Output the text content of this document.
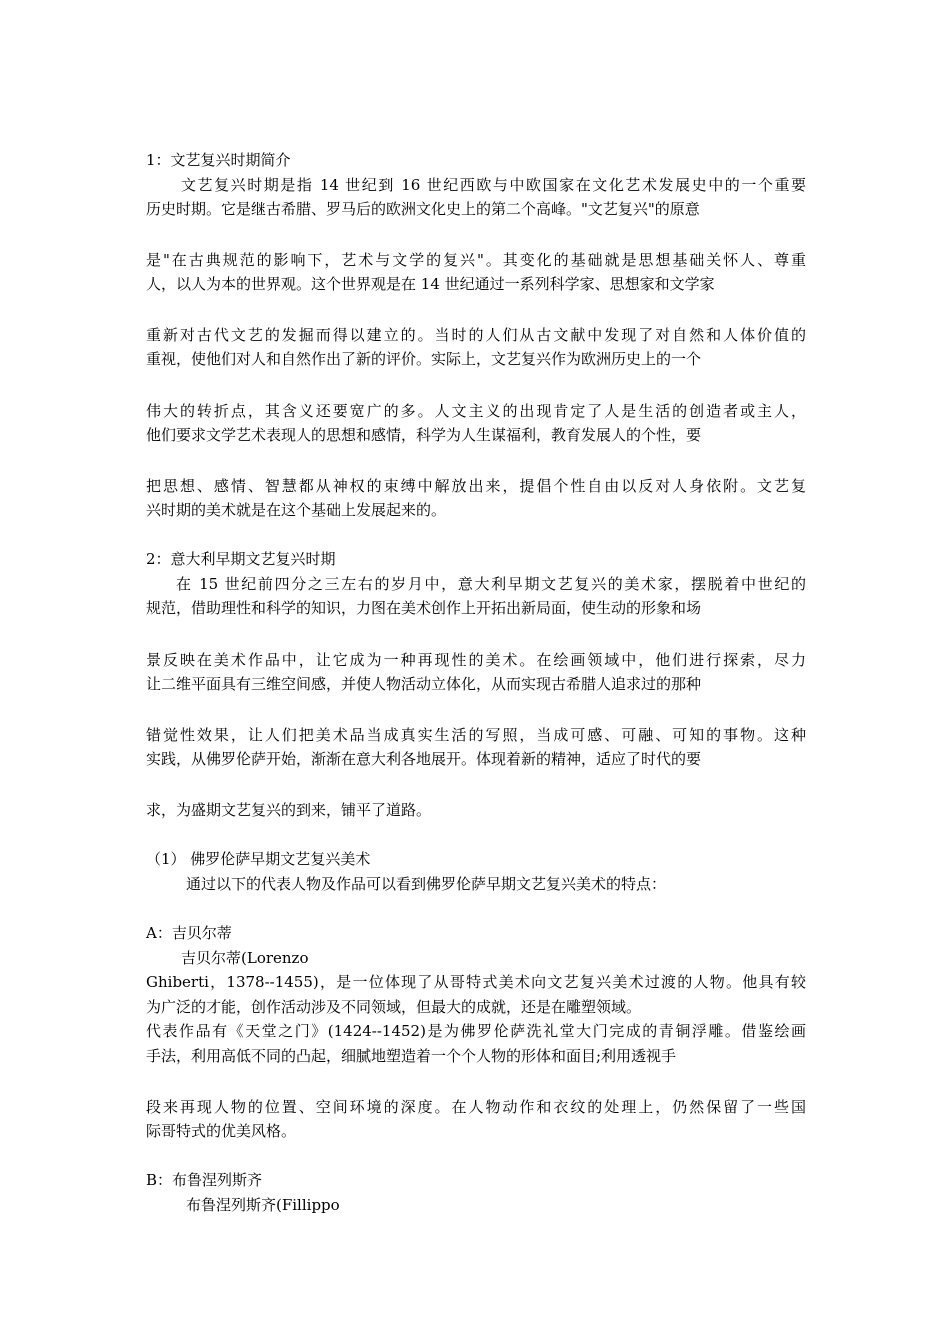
1：文艺复兴时期简介
文艺复兴时期是指 14 世纪到 16 世纪西欧与中欧国家在文化艺术发展史中的一个重要
历史时期。它是继古希腊、罗马后的欧洲文化史上的第二个高峰。"文艺复兴"的原意
是"在古典规范的影响下，艺术与文学的复兴"。其变化的基础就是思想基础关怀人、尊重
人，以人为本的世界观。这个世界观是在 14 世纪通过一系列科学家、思想家和文学家
重新对古代文艺的发掘而得以建立的。当时的人们从古文献中发现了对自然和人体价值的
重视，使他们对人和自然作出了新的评价。实际上，文艺复兴作为欧洲历史上的一个
伟大的转折点，其含义还要宽广的多。人文主义的出现肯定了人是生活的创造者或主人，
他们要求文学艺术表现人的思想和感情，科学为人生谋福利，教育发展人的个性，要
把思想、感情、智慧都从神权的束缚中解放出来，提倡个性自由以反对人身依附。文艺复
兴时期的美术就是在这个基础上发展起来的。
2：意大利早期文艺复兴时期
在 15 世纪前四分之三左右的岁月中，意大利早期文艺复兴的美术家，摆脱着中世纪的
规范，借助理性和科学的知识，力图在美术创作上开拓出新局面，使生动的形象和场
景反映在美术作品中，让它成为一种再现性的美术。在绘画领域中，他们进行探索，尽力
让二维平面具有三维空间感，并使人物活动立体化，从而实现古希腊人追求过的那种
错觉性效果，让人们把美术品当成真实生活的写照，当成可感、可融、可知的事物。这种
实践，从佛罗伦萨开始，渐渐在意大利各地展开。体现着新的精神，适应了时代的要
求，为盛期文艺复兴的到来，铺平了道路。
（1） 佛罗伦萨早期文艺复兴美术
通过以下的代表人物及作品可以看到佛罗伦萨早期文艺复兴美术的特点：
A：吉贝尔蒂
吉贝尔蒂(Lorenzo
Ghiberti，1378--1455)，是一位体现了从哥特式美术向文艺复兴美术过渡的人物。他具有较
为广泛的才能，创作活动涉及不同领域，但最大的成就，还是在雕塑领域。
代表作品有《天堂之门》(1424--1452)是为佛罗伦萨洗礼堂大门完成的青铜浮雕。借鉴绘画
手法，利用高低不同的凸起，细腻地塑造着一个个人物的形体和面目;利用透视手
段来再现人物的位置、空间环境的深度。在人物动作和衣纹的处理上，仍然保留了一些国
际哥特式的优美风格。
B：布鲁涅列斯齐
布鲁涅列斯齐(Fillippo
